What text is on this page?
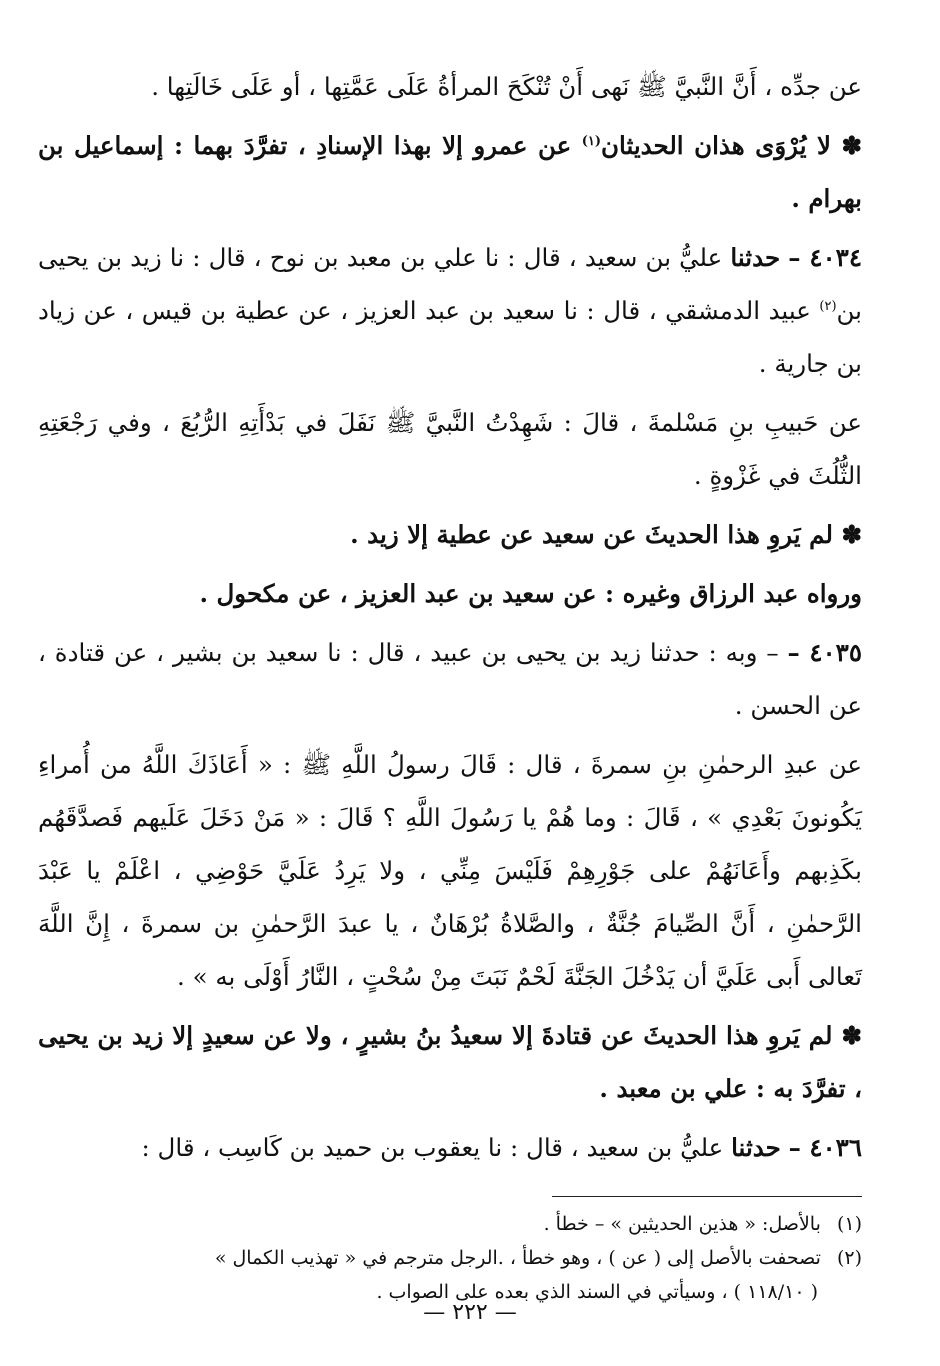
عن جدِّه ، أَنَّ النَّبيَّ ﷺ نَهى أَنْ تُنْكَحَ المرأةُ عَلَى عَمَّتِها ، أو عَلَى خَالَتِها .

✽ لا يُرْوَى هذان الحديثان$^{(١)}$ عن عمرو إلا بهذا الإسنادِ ، تفرَّدَ بهما : إسماعيل بن بهرام .

٤٠٣٤ – حدثنا عليُّ بن سعيد ، قال : نا علي بن معبد بن نوح ، قال : نا زيد بن يحيى بن$^{(٢)}$ عبيد الدمشقي ، قال : نا سعيد بن عبد العزيز ، عن عطية بن قيس ، عن زياد بن جارية .

عن حَبيبِ بنِ مَسْلمةَ ، قالَ : شَهِدْتُ النَّبيَّ ﷺ نَفَلَ في بَدْأَتِهِ الرُّبُعَ ، وفي رَجْعَتِهِ الثُّلُثَ في غَزْوةٍ .

✽ لم يَروِ هذا الحديثَ عن سعيد عن عطية إلا زيد .

ورواه عبد الرزاق وغيره : عن سعيد بن عبد العزيز ، عن مكحول .

٤٠٣٥ – – وبه : حدثنا زيد بن يحيى بن عبيد ، قال : نا سعيد بن بشير ، عن قتادة ، عن الحسن .

عن عبدِ الرحمٰنِ بنِ سمرةَ ، قال : قَالَ رسولُ اللَّهِ ﷺ : « أَعَاذَكَ اللَّهُ من أُمراءِ يَكُونونَ بَعْدِي » ، قَالَ : وما هُمْ يا رَسُولَ اللَّهِ ؟ قَالَ : « مَنْ دَخَلَ عَلَيهم فَصدَّقَهُم بكَذِبهم وأَعَانَهُمْ على جَوْرِهِمْ فَلَيْسَ مِنِّي ، ولا يَرِدُ عَلَيَّ حَوْضِي ، اعْلَمْ يا عَبْدَ الرَّحمٰنِ ، أَنَّ الصِّيامَ جُنَّةٌ ، والصَّلاةُ بُرْهَانٌ ، يا عبدَ الرَّحمٰنِ بن سمرةَ ، إِنَّ اللَّهَ تَعالى أَبى عَلَيَّ أن يَدْخُلَ الجَنَّةَ لَحْمٌ نَبَتَ مِنْ سُحْتٍ ، النَّارُ أَوْلَى به » .

✽ لم يَروِ هذا الحديثَ عن قتادةَ إلا سعيدُ بنُ بشيرٍ ، ولا عن سعيدٍ إلا زيد بن يحيى ، تفرَّدَ به : علي بن معبد .

٤٠٣٦ – حدثنا عليُّ بن سعيد ، قال : نا يعقوب بن حميد بن كَاسِب ، قال :

(١) بالأصل: « هذين الحديثين » – خطأ .

(٢) تصحفت بالأصل إلى ( عن ) ، وهو خطأ ، .الرجل مترجم في « تهذيب الكمال »
( ١١٨/١٠ ) ، وسيأتي في السند الذي بعده على الصواب .

— ٢٢٢ —
